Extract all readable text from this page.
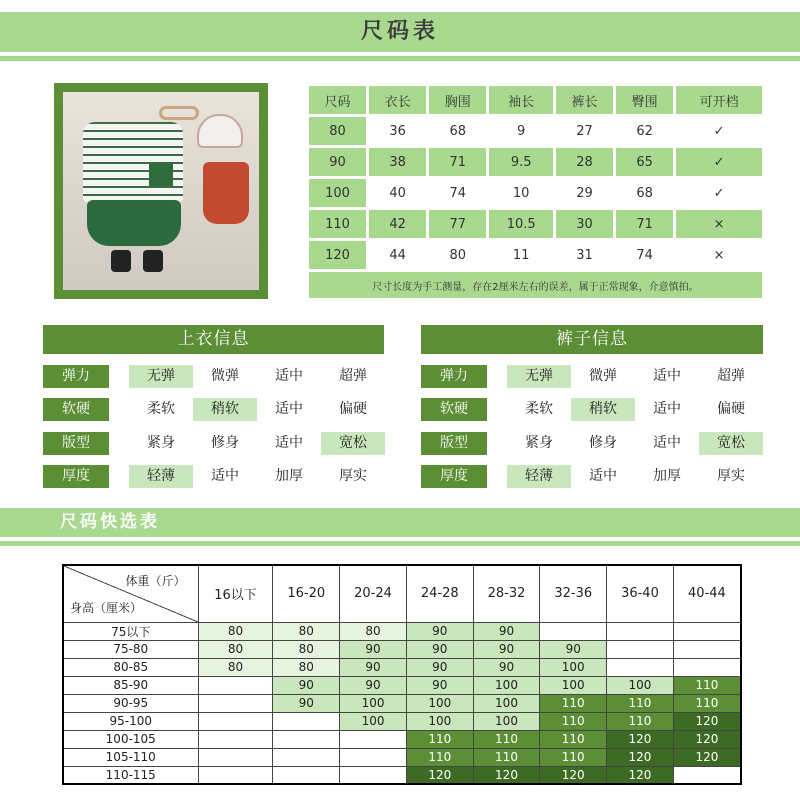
尺码表
尺码	衣长	胸围	袖长	裤长	臀围	可开档
80	36	68	9	27	62	✓
90	38	71	9.5	28	65	✓
100	40	74	10	29	68	✓
110	42	77	10.5	30	71	×
120	44	80	11	31	74	×
尺寸长度为手工测量，存在2厘米左右的误差，属于正常现象，介意慎拍。						
上衣信息
弹力	无弹	微弹	适中	超弹
软硬	柔软	稍软	适中	偏硬
版型	紧身	修身	适中	宽松
厚度	轻薄	适中	加厚	厚实
裤子信息
弹力	无弹	微弹	适中	超弹
软硬	柔软	稍软	适中	偏硬
版型	紧身	修身	适中	宽松
厚度	轻薄	适中	加厚	厚实
尺码快选表
体重（斤）
身高（厘米）	16以下	16-20	20-24	24-28	28-32	32-36	36-40	40-44
75以下	80	80	80	90	90			
75-80	80	80	90	90	90	90		
80-85	80	80	90	90	90	100		
85-90		90	90	90	100	100	100	110
90-95		90	100	100	100	110	110	110
95-100			100	100	100	110	110	120
100-105				110	110	110	120	120
105-110				110	110	110	120	120
110-115				120	120	120	120	
